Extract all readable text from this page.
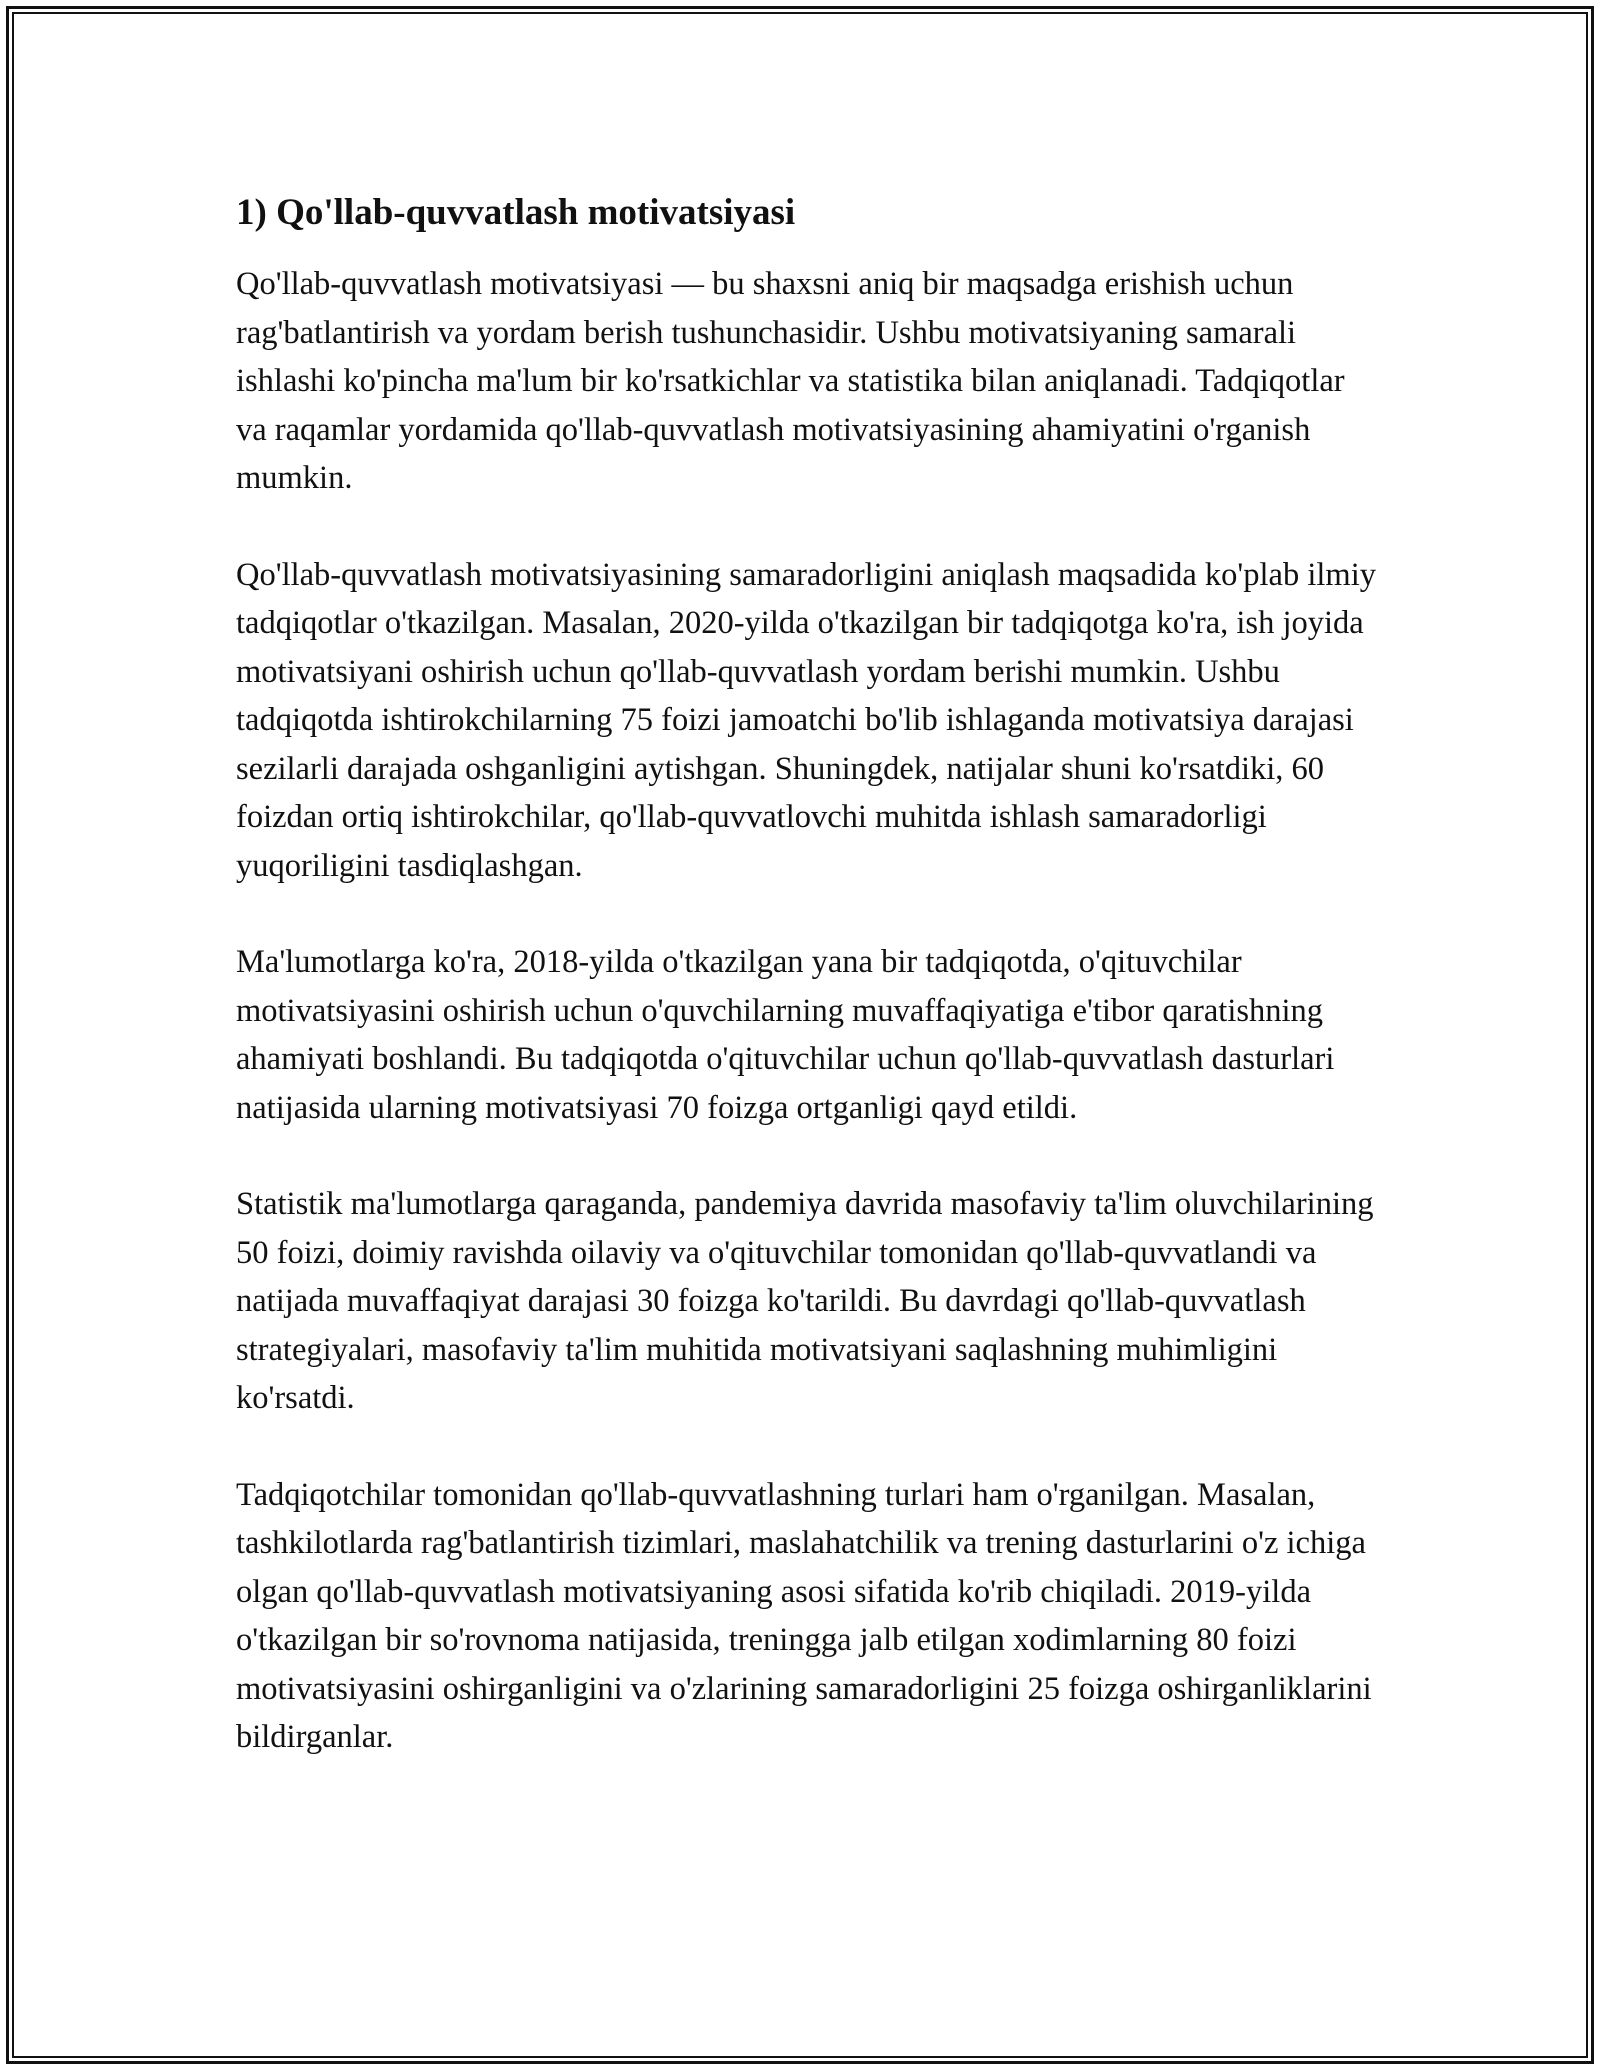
1) Qo'llab-quvvatlash motivatsiyasi

Qo'llab-quvvatlash motivatsiyasi — bu shaxsni aniq bir maqsadga erishish uchun rag'batlantirish va yordam berish tushunchasidir. Ushbu motivatsiyaning samarali ishlashi ko'pincha ma'lum bir ko'rsatkichlar va statistika bilan aniqlanadi. Tadqiqotlar va raqamlar yordamida qo'llab-quvvatlash motivatsiyasining ahamiyatini o'rganish mumkin.

Qo'llab-quvvatlash motivatsiyasining samaradorligini aniqlash maqsadida ko'plab ilmiy tadqiqotlar o'tkazilgan. Masalan, 2020-yilda o'tkazilgan bir tadqiqotga ko'ra, ish joyida motivatsiyani oshirish uchun qo'llab-quvvatlash yordam berishi mumkin. Ushbu tadqiqotda ishtirokchilarning 75 foizi jamoatchi bo'lib ishlaganda motivatsiya darajasi sezilarli darajada oshganligini aytishgan. Shuningdek, natijalar shuni ko'rsatdiki, 60 foizdan ortiq ishtirokchilar, qo'llab-quvvatlovchi muhitda ishlash samaradorligi yuqoriligini tasdiqlashgan.

Ma'lumotlarga ko'ra, 2018-yilda o'tkazilgan yana bir tadqiqotda, o'qituvchilar motivatsiyasini oshirish uchun o'quvchilarning muvaffaqiyatiga e'tibor qaratishning ahamiyati boshlandi. Bu tadqiqotda o'qituvchilar uchun qo'llab-quvvatlash dasturlari natijasida ularning motivatsiyasi 70 foizga ortganligi qayd etildi.

Statistik ma'lumotlarga qaraganda, pandemiya davrida masofaviy ta'lim oluvchilarining 50 foizi, doimiy ravishda oilaviy va o'qituvchilar tomonidan qo'llab-quvvatlandi va natijada muvaffaqiyat darajasi 30 foizga ko'tarildi. Bu davrdagi qo'llab-quvvatlash strategiyalari, masofaviy ta'lim muhitida motivatsiyani saqlashning muhimligini ko'rsatdi.

Tadqiqotchilar tomonidan qo'llab-quvvatlashning turlari ham o'rganilgan. Masalan, tashkilotlarda rag'batlantirish tizimlari, maslahatchilik va trening dasturlarini o'z ichiga olgan qo'llab-quvvatlash motivatsiyaning asosi sifatida ko'rib chiqiladi. 2019-yilda o'tkazilgan bir so'rovnoma natijasida, treningga jalb etilgan xodimlarning 80 foizi motivatsiyasini oshirganligini va o'zlarining samaradorligini 25 foizga oshirganliklarini bildirganlar.
